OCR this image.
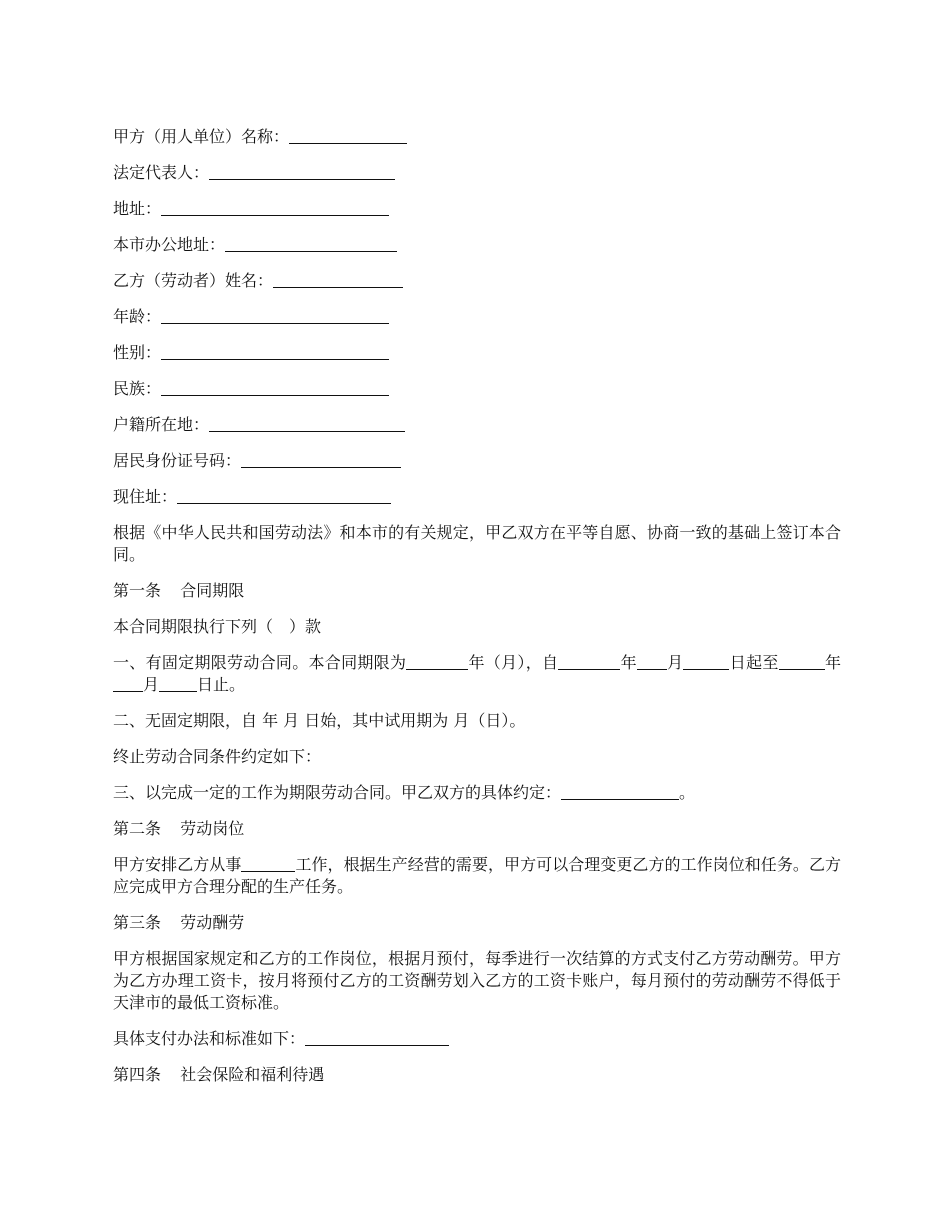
甲方（用人单位）名称：
法定代表人：
地址：
本市办公地址：
乙方（劳动者）姓名：
年龄：
性别：
民族：
户籍所在地：
居民身份证号码：
现住址：
根据《中华人民共和国劳动法》和本市的有关规定，甲乙双方在平等自愿、协商一致的基础上签订本合同。
第一条 合同期限
本合同期限执行下列（　）款
一、有固定期限劳动合同。本合同期限为	年（月），自	年 月	日起至	年月 日止。
二、无固定期限，自 年 月 日始，其中试用期为 月（日）。
终止劳动合同条件约定如下：
三、以完成一定的工作为期限劳动合同。甲乙双方的具体约定：	。
第二条 劳动岗位
甲方安排乙方从事	工作，根据生产经营的需要，甲方可以合理变更乙方的工作岗位和任务。乙方应完成甲方合理分配的生产任务。
第三条 劳动酬劳
甲方根据国家规定和乙方的工作岗位，根据月预付，每季进行一次结算的方式支付乙方劳动酬劳。甲方为乙方办理工资卡，按月将预付乙方的工资酬劳划入乙方的工资卡账户，每月预付的劳动酬劳不得低于天津市的最低工资标准。
具体支付办法和标准如下：
第四条 社会保险和福利待遇
